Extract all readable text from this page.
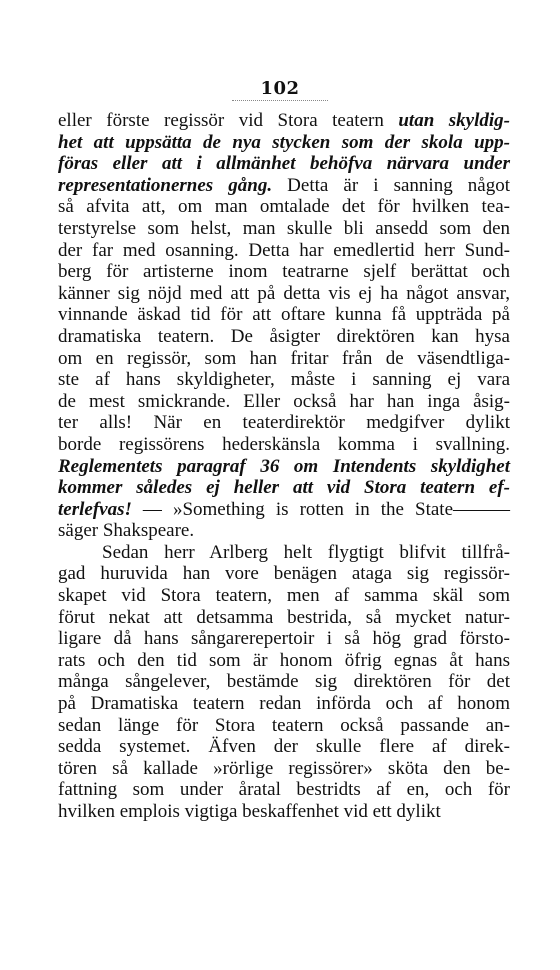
102
eller förste regissör vid Stora teatern utan skyldig-
het att uppsätta de nya stycken som der skola upp-
föras eller att i allmänhet behöfva närvara under
representationernes gång. Detta är i sanning något
så afvita att, om man omtalade det för hvilken tea-
terstyrelse som helst, man skulle bli ansedd som den
der far med osanning. Detta har emedlertid herr Sund-
berg för artisterne inom teatrarne sjelf berättat och
känner sig nöjd med att på detta vis ej ha något ansvar,
vinnande äskad tid för att oftare kunna få uppträda på
dramatiska teatern. De åsigter direktören kan hysa
om en regissör, som han fritar från de väsendtliga-
ste af hans skyldigheter, måste i sanning ej vara
de mest smickrande. Eller också har han inga åsig-
ter alls! När en teaterdirektör medgifver dylikt
borde regissörens hederskänsla komma i svallning.
Reglementets paragraf 36 om Intendents skyldighet
kommer således ej heller att vid Stora teatern ef-
terlefvas! — »Something is rotten in the State———
säger Shakspeare.
Sedan herr Arlberg helt flygtigt blifvit tillfrå-
gad huruvida han vore benägen ataga sig regissör-
skapet vid Stora teatern, men af samma skäl som
förut nekat att detsamma bestrida, så mycket natur-
ligare då hans sångarerepertoir i så hög grad försto-
rats och den tid som är honom öfrig egnas åt hans
många sångelever, bestämde sig direktören för det
på Dramatiska teatern redan införda och af honom
sedan länge för Stora teatern också passande an-
sedda systemet. Äfven der skulle flere af direk-
tören så kallade »rörlige regissörer» sköta den be-
fattning som under åratal bestridts af en, och för
hvilken emplois vigtiga beskaffenhet vid ett dylikt
